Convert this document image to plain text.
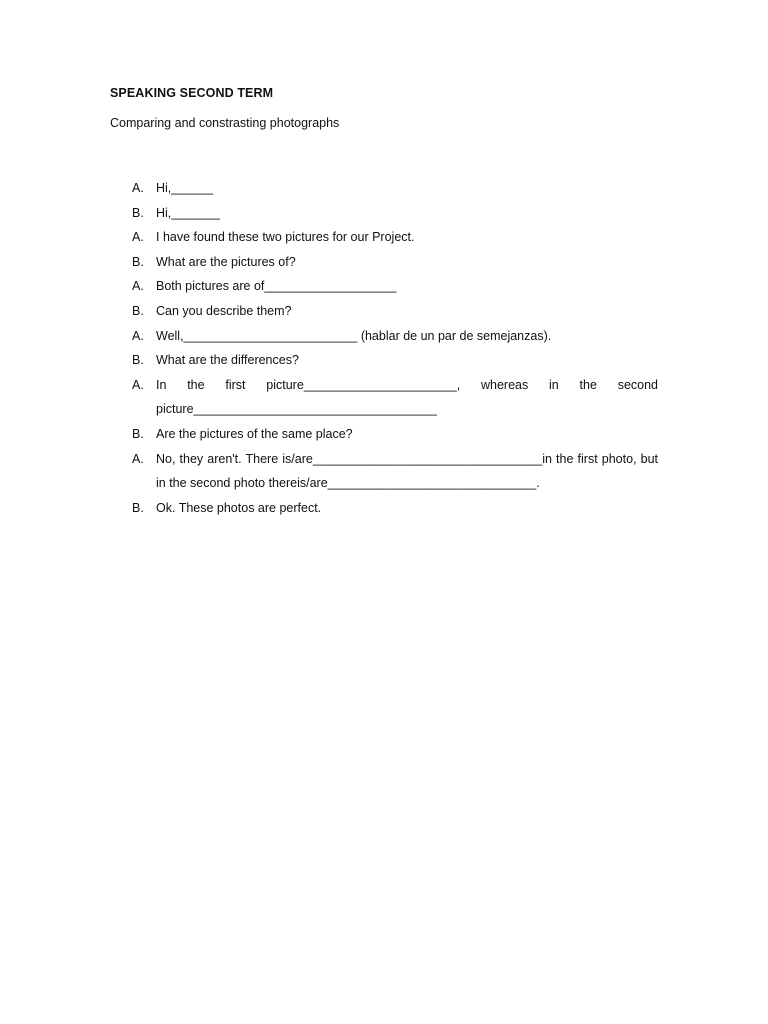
SPEAKING SECOND TERM
Comparing and constrasting photographs
A. Hi,______
B. Hi,_______
A. I have found these two pictures for our Project.
B. What are the pictures of?
A. Both pictures are of___________________
B. Can you describe them?
A. Well,_________________________ (hablar de un par de semejanzas).
B. What are the differences?
A. In the first picture______________________, whereas in the second picture___________________________________
B. Are the pictures of the same place?
A. No, they aren't. There is/are_________________________________in the first photo, but in the second photo thereis/are______________________________.
B. Ok. These photos are perfect.
